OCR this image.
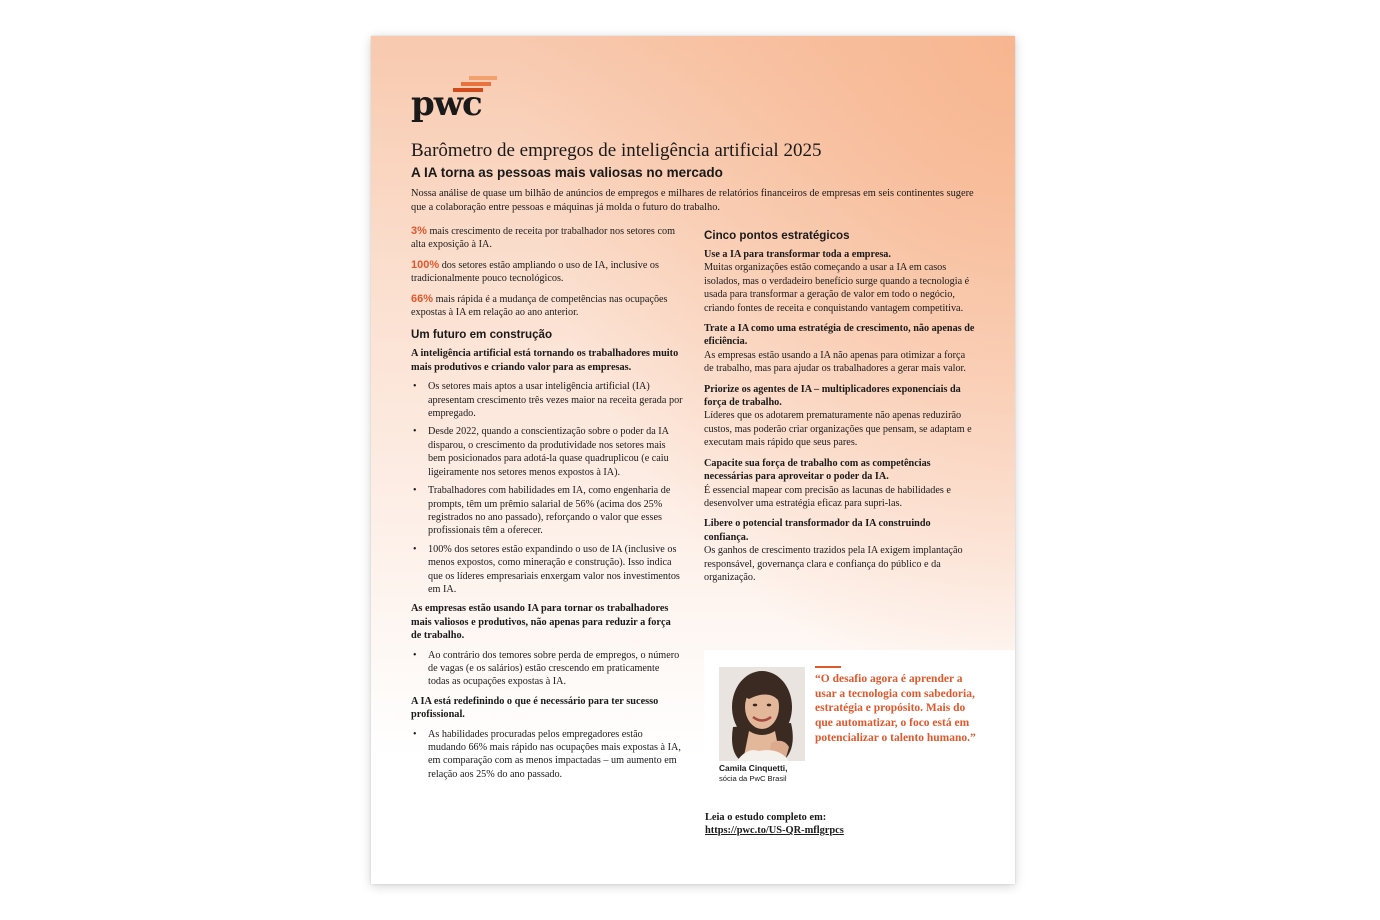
pwc
Barômetro de empregos de inteligência artificial 2025
A IA torna as pessoas mais valiosas no mercado

Nossa análise de quase um bilhão de anúncios de empregos e milhares de relatórios financeiros de empresas em seis continentes sugere que a colaboração entre pessoas e máquinas já molda o futuro do trabalho.

3% mais crescimento de receita por trabalhador nos setores com alta exposição à IA.

100% dos setores estão ampliando o uso de IA, inclusive os tradicionalmente pouco tecnológicos.

66% mais rápida é a mudança de competências nas ocupações expostas à IA em relação ao ano anterior.

Um futuro em construção

A inteligência artificial está tornando os trabalhadores muito mais produtivos e criando valor para as empresas.

• Os setores mais aptos a usar inteligência artificial (IA) apresentam crescimento três vezes maior na receita gerada por empregado.
• Desde 2022, quando a conscientização sobre o poder da IA disparou, o crescimento da produtividade nos setores mais bem posicionados para adotá-la quase quadruplicou (e caiu ligeiramente nos setores menos expostos à IA).
• Trabalhadores com habilidades em IA, como engenharia de prompts, têm um prêmio salarial de 56% (acima dos 25% registrados no ano passado), reforçando o valor que esses profissionais têm a oferecer.
• 100% dos setores estão expandindo o uso de IA (inclusive os menos expostos, como mineração e construção). Isso indica que os líderes empresariais enxergam valor nos investimentos em IA.

As empresas estão usando IA para tornar os trabalhadores mais valiosos e produtivos, não apenas para reduzir a força de trabalho.

• Ao contrário dos temores sobre perda de empregos, o número de vagas (e os salários) estão crescendo em praticamente todas as ocupações expostas à IA.

A IA está redefinindo o que é necessário para ter sucesso profissional.

• As habilidades procuradas pelos empregadores estão mudando 66% mais rápido nas ocupações mais expostas à IA, em comparação com as menos impactadas – um aumento em relação aos 25% do ano passado.
Cinco pontos estratégicos

Use a IA para transformar toda a empresa.
Muitas organizações estão começando a usar a IA em casos isolados, mas o verdadeiro benefício surge quando a tecnologia é usada para transformar a geração de valor em todo o negócio, criando fontes de receita e conquistando vantagem competitiva.

Trate a IA como uma estratégia de crescimento, não apenas de eficiência.
As empresas estão usando a IA não apenas para otimizar a força de trabalho, mas para ajudar os trabalhadores a gerar mais valor.

Priorize os agentes de IA – multiplicadores exponenciais da força de trabalho.
Líderes que os adotarem prematuramente não apenas reduzirão custos, mas poderão criar organizações que pensam, se adaptam e executam mais rápido que seus pares.

Capacite sua força de trabalho com as competências necessárias para aproveitar o poder da IA.
É essencial mapear com precisão as lacunas de habilidades e desenvolver uma estratégia eficaz para supri-las.

Libere o potencial transformador da IA construindo confiança.
Os ganhos de crescimento trazidos pela IA exigem implantação responsável, governança clara e confiança do público e da organização.

Camila Cinquetti,
sócia da PwC Brasil
“O desafio agora é aprender a usar a tecnologia com sabedoria, estratégia e propósito. Mais do que automatizar, o foco está em potencializar o talento humano.”
Leia o estudo completo em:
https://pwc.to/US-QR-mflgrpcs
